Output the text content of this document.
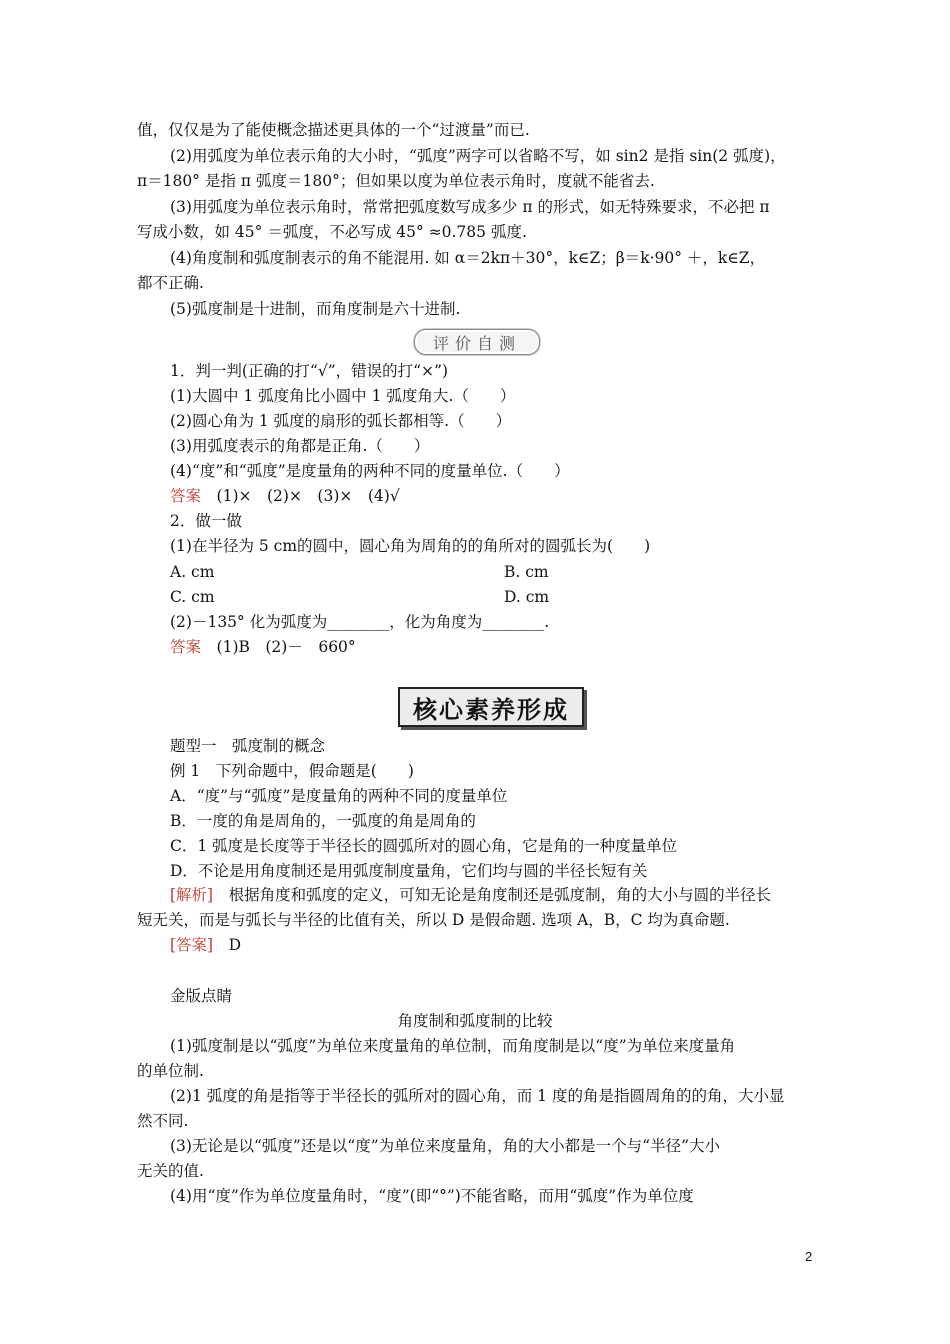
值，仅仅是为了能使概念描述更具体的一个“过渡量”而已.
(2)用弧度为单位表示角的大小时，“弧度”两字可以省略不写，如 sin2 是指 sin(2 弧度)，
π＝180° 是指 π 弧度＝180°；但如果以度为单位表示角时，度就不能省去.
(3)用弧度为单位表示角时，常常把弧度数写成多少 π 的形式，如无特殊要求，不必把 π
写成小数，如 45° ＝弧度，不必写成 45° ≈0.785 弧度.
(4)角度制和弧度制表示的角不能混用. 如 α＝2kπ＋30°，k∈Z；β＝k·90° ＋，k∈Z，
都不正确.
(5)弧度制是十进制，而角度制是六十进制.
评价自测
1．判一判(正确的打“√”，错误的打“×”)
(1)大圆中 1 弧度角比小圆中 1 弧度角大.（　　）
(2)圆心角为 1 弧度的扇形的弧长都相等.（　　）
(3)用弧度表示的角都是正角.（　　）
(4)“度”和“弧度”是度量角的两种不同的度量单位.（　　）
答案　 (1)×　(2)×　(3)×　(4)√
2．做一做
(1)在半径为 5 cm的圆中，圆心角为周角的的角所对的圆弧长为(　　)
A. cm	B. cm
C. cm	D. cm
(2)－135° 化为弧度为________，化为角度为________.
答案　 (1)B　(2)－　660°
核心素养形成
题型一　弧度制的概念
例 1　下列命题中，假命题是(　　)
A．“度”与“弧度”是度量角的两种不同的度量单位
B．一度的角是周角的，一弧度的角是周角的
C．1 弧度是长度等于半径长的圆弧所对的圆心角，它是角的一种度量单位
D．不论是用角度制还是用弧度制度量角，它们均与圆的半径长短有关
[解析]　根据角度和弧度的定义，可知无论是角度制还是弧度制，角的大小与圆的半径长
短无关，而是与弧长与半径的比值有关，所以 D 是假命题. 选项 A，B，C 均为真命题.
[答案]　D
金版点睛
角度制和弧度制的比较
(1)弧度制是以“弧度”为单位来度量角的单位制，而角度制是以“度”为单位来度量角
的单位制.
(2)1 弧度的角是指等于半径长的弧所对的圆心角，而 1 度的角是指圆周角的的角，大小显
然不同.
(3)无论是以“弧度”还是以“度”为单位来度量角，角的大小都是一个与“半径”大小
无关的值.
(4)用“度”作为单位度量角时，“度”(即“°”)不能省略，而用“弧度”作为单位度
2
